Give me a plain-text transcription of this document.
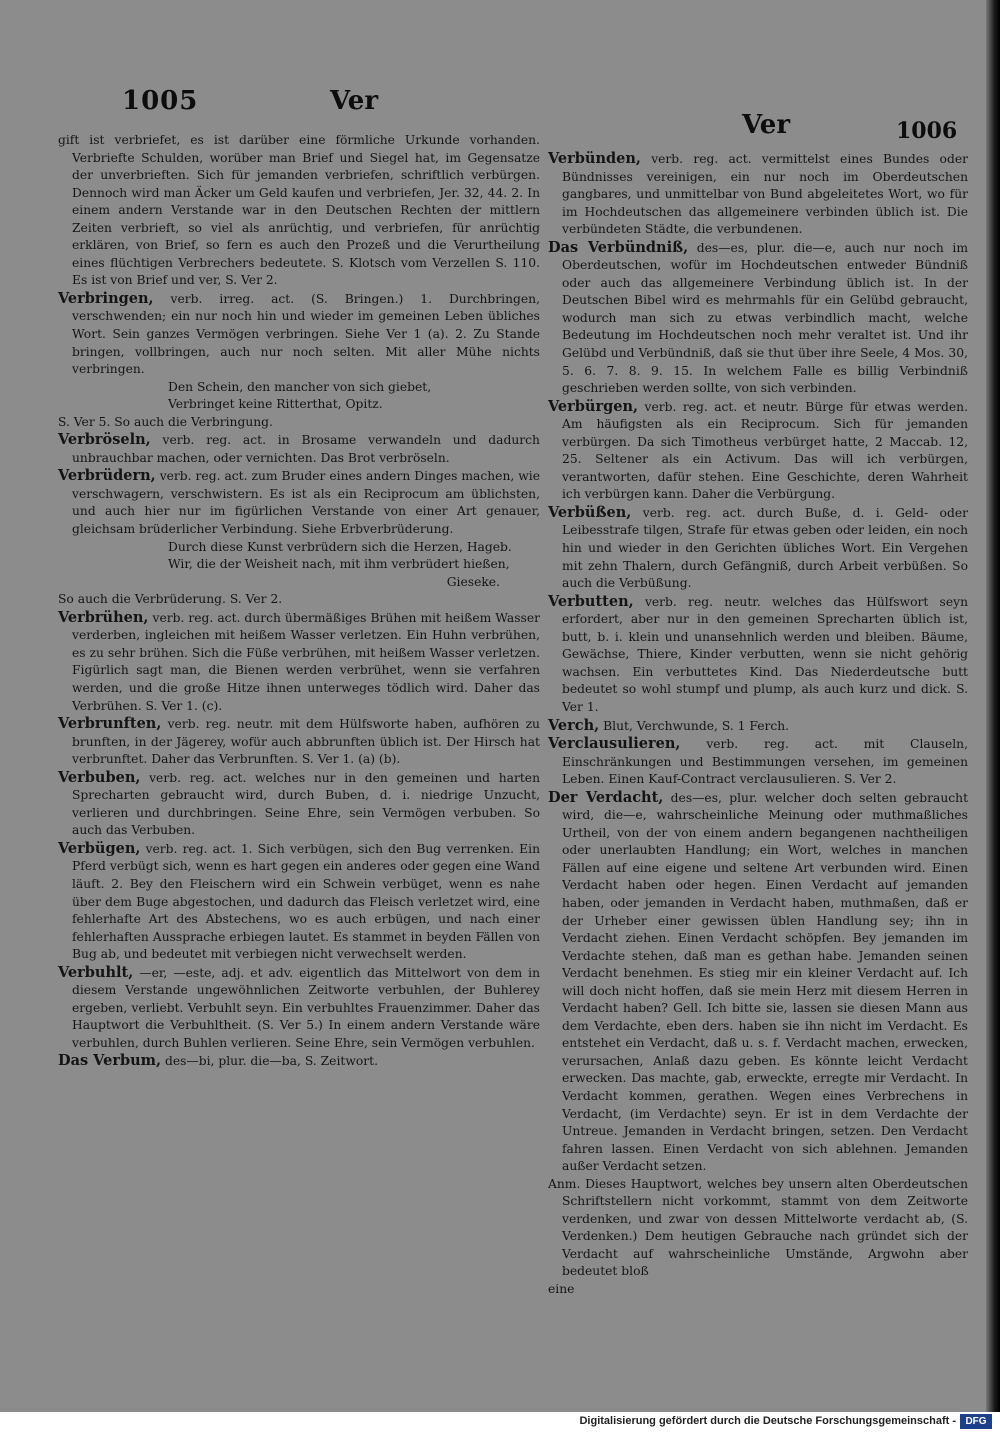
1005	Ver
Ver	1006

gift ist verbriefet, es ist darüber eine förmliche Urkunde vorhanden. Verbriefte Schulden, worüber man Brief und Siegel hat, im Gegensatze der unverbrieften. Sich für jemanden verbriefen, schriftlich verbürgen. Dennoch wird man Äcker um Geld kaufen und verbriefen, Jer. 32, 44. 2. In einem andern Verstande war in den Deutschen Rechten der mittlern Zeiten verbrieft, so viel als anrüchtig, und verbriefen, für anrüchtig erklären, von Brief, so fern es auch den Prozeß und die Verurtheilung eines flüchtigen Verbrechers bedeutete. S. Klotsch vom Verzellen S. 110. Es ist von Brief und ver, S. Ver 2.

Verbringen, verb. irreg. act. (S. Bringen.) 1. Durchbringen, verschwenden; ein nur noch hin und wieder im gemeinen Leben übliches Wort. Sein ganzes Vermögen verbringen. Siehe Ver 1 (a). 2. Zu Stande bringen, vollbringen, auch nur noch selten. Mit aller Mühe nichts verbringen.

Den Schein, den mancher von sich giebet,

Verbringet keine Ritterthat, Opitz.

S. Ver 5. So auch die Verbringung.

Verbröseln, verb. reg. act. in Brosame verwandeln und dadurch unbrauchbar machen, oder vernichten. Das Brot verbröseln.

Verbrüdern, verb. reg. act. zum Bruder eines andern Dinges machen, wie verschwagern, verschwistern. Es ist als ein Reciprocum am üblichsten, und auch hier nur im figürlichen Verstande von einer Art genauer, gleichsam brüderlicher Verbindung. Siehe Erbverbrüderung.

Durch diese Kunst verbrüdern sich die Herzen, Hageb.

Wir, die der Weisheit nach, mit ihm verbrüdert hießen,

Gieseke.

So auch die Verbrüderung. S. Ver 2.

Verbrühen, verb. reg. act. durch übermäßiges Brühen mit heißem Wasser verderben, ingleichen mit heißem Wasser verletzen. Ein Huhn verbrühen, es zu sehr brühen. Sich die Füße verbrühen, mit heißem Wasser verletzen. Figürlich sagt man, die Bienen werden verbrühet, wenn sie verfahren werden, und die große Hitze ihnen unterweges tödlich wird. Daher das Verbrühen. S. Ver 1. (c).

Verbrunften, verb. reg. neutr. mit dem Hülfsworte haben, aufhören zu brunften, in der Jägerey, wofür auch abbrunften üblich ist. Der Hirsch hat verbrunftet. Daher das Verbrunften. S. Ver 1. (a) (b).

Verbuben, verb. reg. act. welches nur in den gemeinen und harten Sprecharten gebraucht wird, durch Buben, d. i. niedrige Unzucht, verlieren und durchbringen. Seine Ehre, sein Vermögen verbuben. So auch das Verbuben.

Verbügen, verb. reg. act. 1. Sich verbügen, sich den Bug verrenken. Ein Pferd verbügt sich, wenn es hart gegen ein anderes oder gegen eine Wand läuft. 2. Bey den Fleischern wird ein Schwein verbüget, wenn es nahe über dem Buge abgestochen, und dadurch das Fleisch verletzet wird, eine fehlerhafte Art des Abstechens, wo es auch erbügen, und nach einer fehlerhaften Aussprache erbiegen lautet. Es stammet in beyden Fällen von Bug ab, und bedeutet mit verbiegen nicht verwechselt werden.

Verbuhlt, —er, —este, adj. et adv. eigentlich das Mittelwort von dem in diesem Verstande ungewöhnlichen Zeitworte verbuhlen, der Buhlerey ergeben, verliebt. Verbuhlt seyn. Ein verbuhltes Frauenzimmer. Daher das Hauptwort die Verbuhltheit. (S. Ver 5.) In einem andern Verstande wäre verbuhlen, durch Buhlen verlieren. Seine Ehre, sein Vermögen verbuhlen.

Das Verbum, des—bi, plur. die—ba, S. Zeitwort.

Verbünden, verb. reg. act. vermittelst eines Bundes oder Bündnisses vereinigen, ein nur noch im Oberdeutschen gangbares, und unmittelbar von Bund abgeleitetes Wort, wo für im Hochdeutschen das allgemeinere verbinden üblich ist. Die verbündeten Städte, die verbundenen.

Das Verbündniß, des—es, plur. die—e, auch nur noch im Oberdeutschen, wofür im Hochdeutschen entweder Bündniß oder auch das allgemeinere Verbindung üblich ist. In der Deutschen Bibel wird es mehrmahls für ein Gelübd gebraucht, wodurch man sich zu etwas verbindlich macht, welche Bedeutung im Hochdeutschen noch mehr veraltet ist. Und ihr Gelübd und Verbündniß, daß sie thut über ihre Seele, 4 Mos. 30, 5. 6. 7. 8. 9. 15. In welchem Falle es billig Verbindniß geschrieben werden sollte, von sich verbinden.

Verbürgen, verb. reg. act. et neutr. Bürge für etwas werden. Am häufigsten als ein Reciprocum. Sich für jemanden verbürgen. Da sich Timotheus verbürget hatte, 2 Maccab. 12, 25. Seltener als ein Activum. Das will ich verbürgen, verantworten, dafür stehen. Eine Geschichte, deren Wahrheit ich verbürgen kann. Daher die Verbürgung.

Verbüßen, verb. reg. act. durch Buße, d. i. Geld- oder Leibesstrafe tilgen, Strafe für etwas geben oder leiden, ein noch hin und wieder in den Gerichten übliches Wort. Ein Vergehen mit zehn Thalern, durch Gefängniß, durch Arbeit verbüßen. So auch die Verbüßung.

Verbutten, verb. reg. neutr. welches das Hülfswort seyn erfordert, aber nur in den gemeinen Sprecharten üblich ist, butt, b. i. klein und unansehnlich werden und bleiben. Bäume, Gewächse, Thiere, Kinder verbutten, wenn sie nicht gehörig wachsen. Ein verbuttetes Kind. Das Niederdeutsche butt bedeutet so wohl stumpf und plump, als auch kurz und dick. S. Ver 1.

Verch, Blut, Verchwunde, S. 1 Ferch.

Verclausulieren, verb. reg. act. mit Clauseln, Einschränkungen und Bestimmungen versehen, im gemeinen Leben. Einen Kauf-Contract verclausulieren. S. Ver 2.

Der Verdacht, des—es, plur. welcher doch selten gebraucht wird, die—e, wahrscheinliche Meinung oder muthmaßliches Urtheil, von der von einem andern begangenen nachtheiligen oder unerlaubten Handlung; ein Wort, welches in manchen Fällen auf eine eigene und seltene Art verbunden wird. Einen Verdacht haben oder hegen. Einen Verdacht auf jemanden haben, oder jemanden in Verdacht haben, muthmaßen, daß er der Urheber einer gewissen üblen Handlung sey; ihn in Verdacht ziehen. Einen Verdacht schöpfen. Bey jemanden im Verdachte stehen, daß man es gethan habe. Jemanden seinen Verdacht benehmen. Es stieg mir ein kleiner Verdacht auf. Ich will doch nicht hoffen, daß sie mein Herz mit diesem Herren in Verdacht haben? Gell. Ich bitte sie, lassen sie diesen Mann aus dem Verdachte, eben ders. haben sie ihn nicht im Verdacht. Es entstehet ein Verdacht, daß u. s. f. Verdacht machen, erwecken, verursachen, Anlaß dazu geben. Es könnte leicht Verdacht erwecken. Das machte, gab, erweckte, erregte mir Verdacht. In Verdacht kommen, gerathen. Wegen eines Verbrechens in Verdacht, (im Verdachte) seyn. Er ist in dem Verdachte der Untreue. Jemanden in Verdacht bringen, setzen. Den Verdacht fahren lassen. Einen Verdacht von sich ablehnen. Jemanden außer Verdacht setzen.

Anm. Dieses Hauptwort, welches bey unsern alten Oberdeutschen Schriftstellern nicht vorkommt, stammt von dem Zeitworte verdenken, und zwar von dessen Mittelworte verdacht ab, (S. Verdenken.) Dem heutigen Gebrauche nach gründet sich der Verdacht auf wahrscheinliche Umstände, Argwohn aber bedeutet bloß

eine

Digitalisierung gefördert durch die Deutsche Forschungsgemeinschaft - DFG
